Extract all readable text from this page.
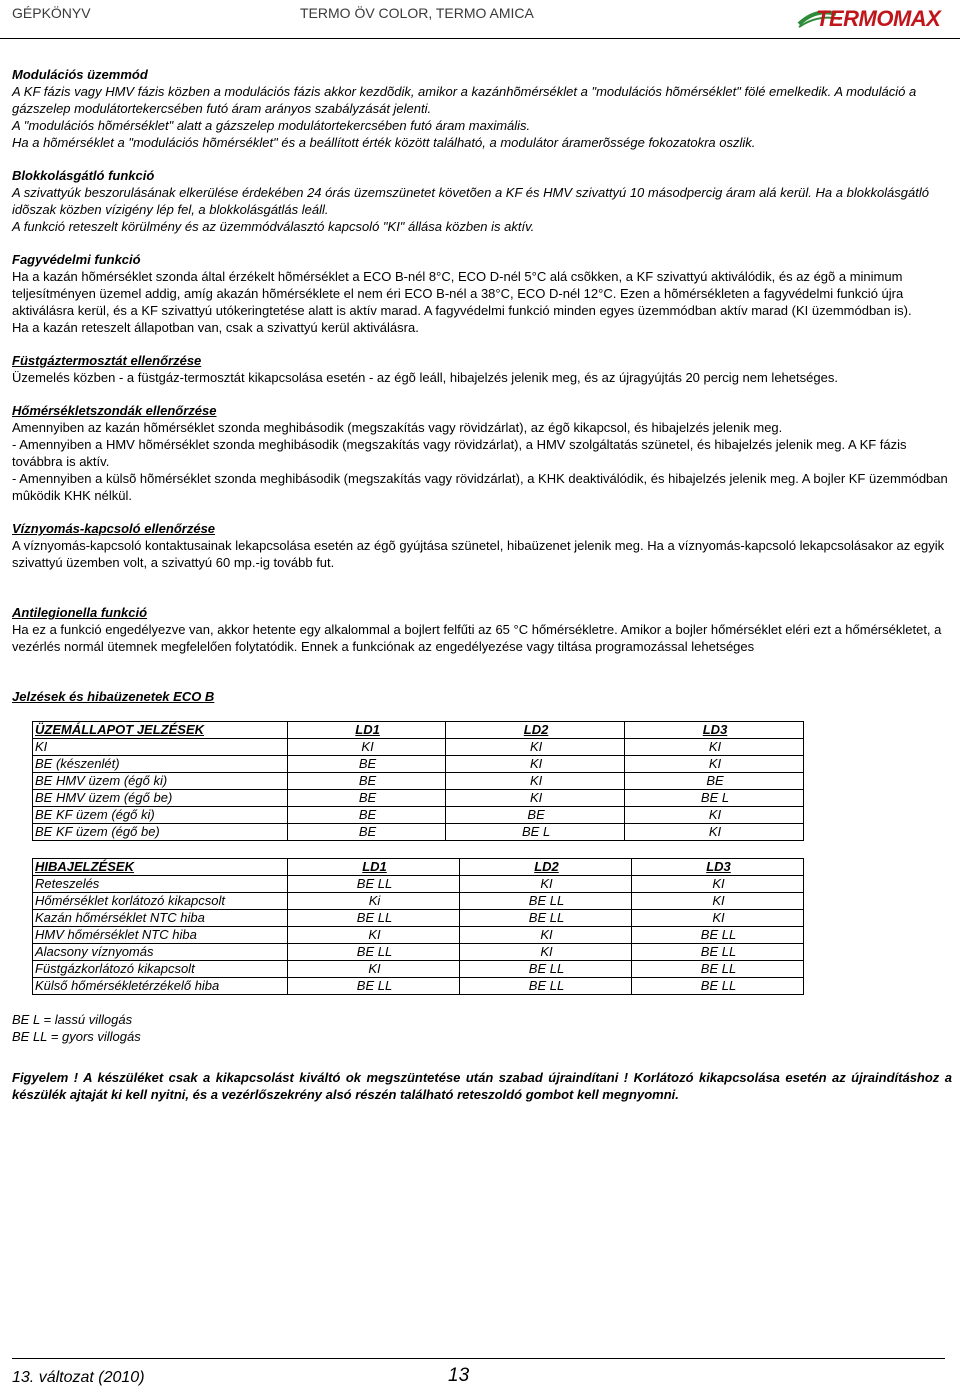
GÉPKÖNYV	TERMO ÖV COLOR, TERMO AMICA	TERMOMAX

Modulációs üzemmód

A KF fázis vagy HMV fázis közben a modulációs fázis akkor kezdõdik, amikor a kazánhõmérséklet a "modulációs hõmérséklet" fölé emelkedik. A moduláció a gázszelep modulátortekercsében futó áram arányos szabályzását jelenti.

A "modulációs hõmérséklet" alatt a gázszelep modulátortekercsében futó áram maximális.

Ha a hõmérséklet a "modulációs hõmérséklet" és a beállított érték között található, a modulátor áramerõssége fokozatokra oszlik.

Blokkolásgátló funkció

A szivattyúk beszorulásának elkerülése érdekében 24 órás üzemszünetet követõen a KF és HMV szivattyú 10 másodpercig áram alá kerül. Ha a blokkolásgátló idõszak közben vízigény lép fel, a blokkolásgátlás leáll.

A funkció reteszelt körülmény és az üzemmódválasztó kapcsoló "KI" állása közben is aktív.

Fagyvédelmi funkció

Ha a kazán hõmérséklet szonda által érzékelt hõmérséklet a ECO B-nél 8°C, ECO D-nél 5°C alá csõkken, a KF szivattyú aktiválódik, és az égõ a minimum teljesítményen üzemel addig, amíg akazán hõmérséklete el nem éri ECO B-nél a 38°C, ECO D-nél 12°C. Ezen a hõmérsékleten a fagyvédelmi funkció újra aktiválásra kerül, és a KF szivattyú utókeringtetése alatt is aktív marad. A fagyvédelmi funkció minden egyes üzemmódban aktív marad (KI üzemmódban is).

Ha a kazán reteszelt állapotban van, csak a szivattyú kerül aktiválásra.

Füstgáztermosztát ellenőrzése

Üzemelés közben - a füstgáz-termosztát kikapcsolása esetén - az égõ leáll, hibajelzés jelenik meg, és az újragyújtás 20 percig nem lehetséges.

Hőmérsékletszondák ellenőrzése

Amennyiben az kazán hõmérséklet szonda meghibásodik (megszakítás vagy rövidzárlat), az égõ kikapcsol, és hibajelzés jelenik meg.

- Amennyiben a HMV hõmérséklet szonda meghibásodik (megszakítás vagy rövidzárlat), a HMV szolgáltatás szünetel, és hibajelzés jelenik meg. A KF fázis továbbra is aktív.

- Amennyiben a külsõ hõmérséklet szonda meghibásodik (megszakítás vagy rövidzárlat), a KHK deaktiválódik, és hibajelzés jelenik meg. A bojler KF üzemmódban mûködik KHK nélkül.

Víznyomás-kapcsoló ellenőrzése

A víznyomás-kapcsoló kontaktusainak lekapcsolása esetén az égõ gyújtása szünetel, hibaüzenet jelenik meg. Ha a víznyomás-kapcsoló lekapcsolásakor az egyik szivattyú üzemben volt, a szivattyú 60 mp.-ig tovább fut.

Antilegionella funkció

Ha ez a funkció engedélyezve van, akkor hetente egy alkalommal a bojlert felfűti az 65 °C hőmérsékletre. Amikor a bojler hőmérséklet eléri ezt a hőmérsékletet, a vezérlés normál ütemnek megfelelően folytatódik. Ennek a funkciónak az engedélyezése vagy tiltása programozással lehetséges

Jelzések és hibaüzenetek ECO B

ÜZEMÁLLAPOT JELZÉSEK	LD1	LD2	LD3
KI	KI	KI	KI
BE (készenlét)	BE	KI	KI
BE HMV üzem (égő ki)	BE	KI	BE
BE HMV üzem (égő be)	BE	KI	BE L
BE KF üzem (égő ki)	BE	BE	KI
BE KF üzem (égő be)	BE	BE L	KI
HIBAJELZÉSEK	LD1	LD2	LD3
Reteszelés	BE LL	KI	KI
Hőmérséklet korlátozó kikapcsolt	Ki	BE LL	KI
Kazán hőmérséklet NTC hiba	BE LL	BE LL	KI
HMV hőmérséklet NTC hiba	KI	KI	BE LL
Alacsony víznyomás	BE LL	KI	BE LL
Füstgázkorlátozó kikapcsolt	KI	BE LL	BE LL
Külső hőmérsékletérzékelő hiba	BE LL	BE LL	BE LL

BE L = lassú villogás

BE LL = gyors villogás

Figyelem ! A készüléket csak a kikapcsolást kiváltó ok megszüntetése után szabad újraindítani ! Korlátozó kikapcsolása esetén az újraindításhoz a készülék ajtaját ki kell nyitni, és a vezérlőszekrény alsó részén található reteszoldó gombot kell megnyomni.

13. változat (2010)	13
